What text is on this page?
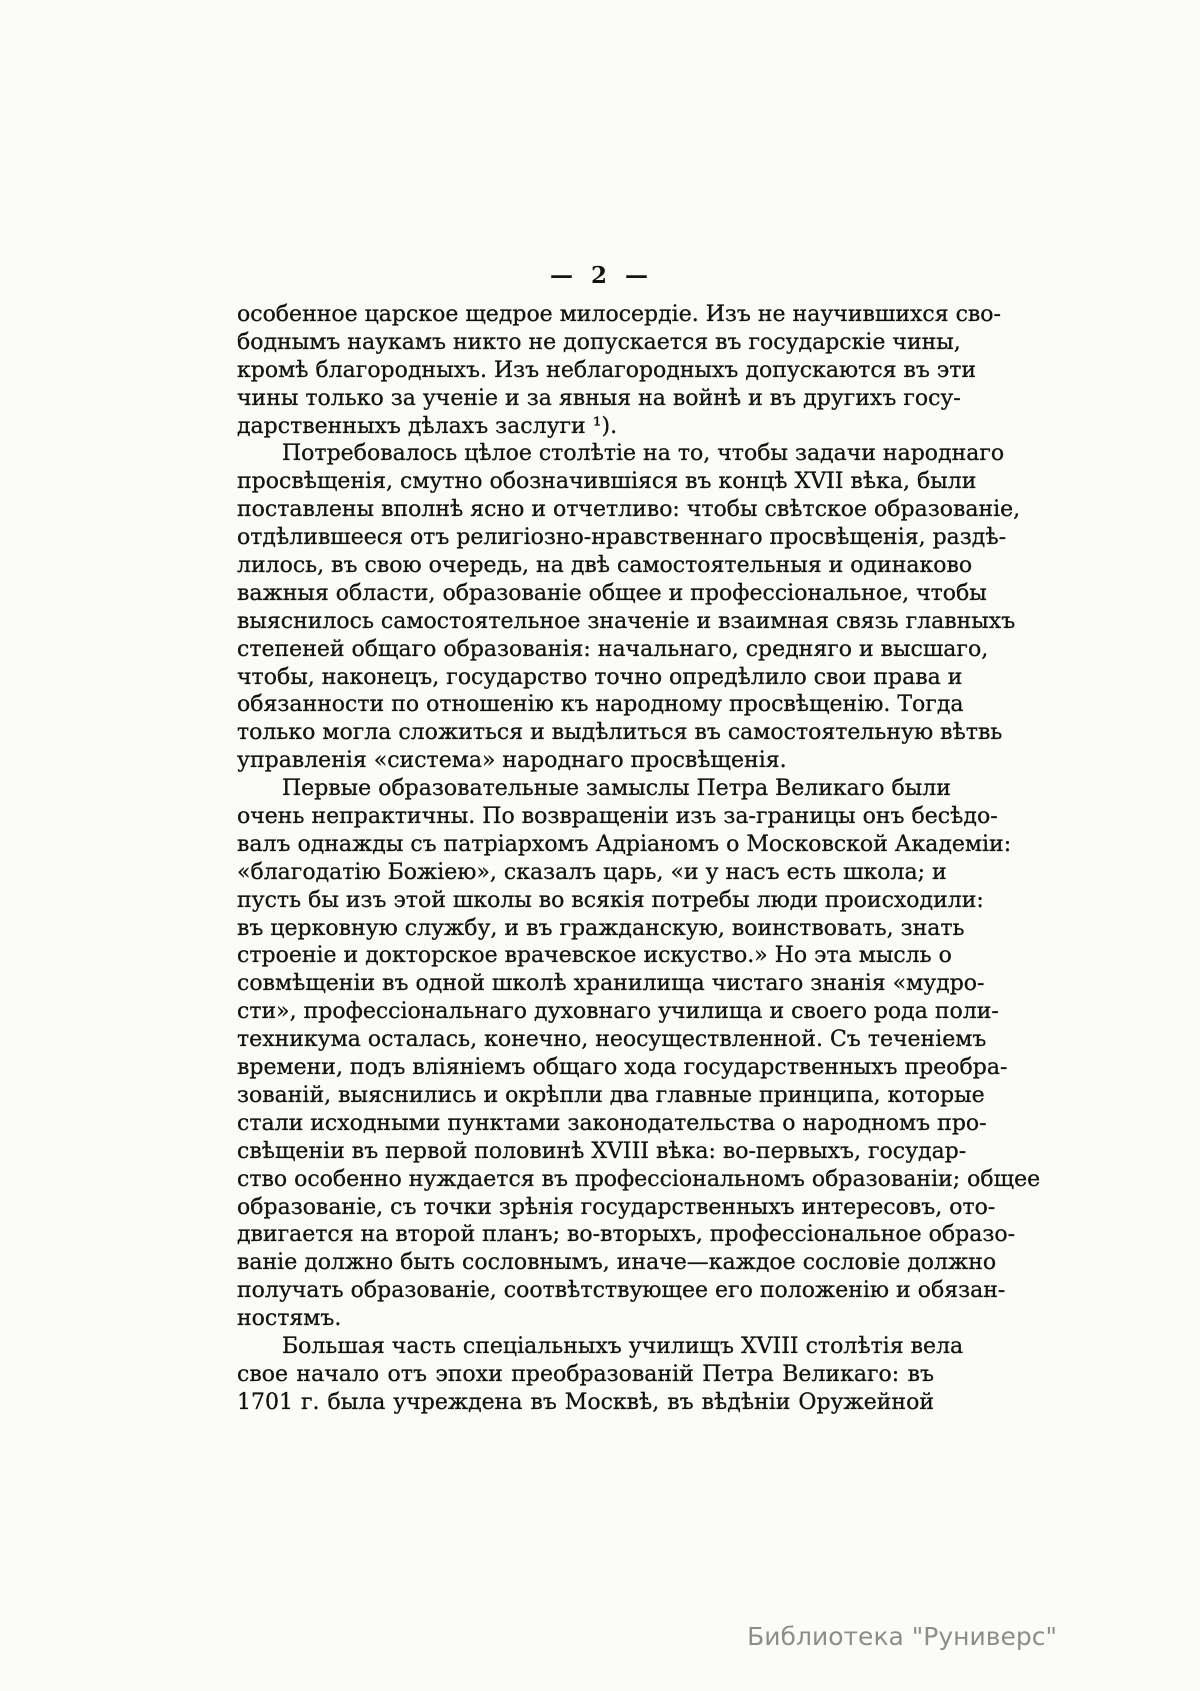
— 2 —

особенное царское щедрое милосердіе. Изъ не научившихся сво-
боднымъ наукамъ никто не допускается въ государскіе чины,
кромѣ благородныхъ. Изъ неблагородныхъ допускаются въ эти
чины только за ученіе и за явныя на войнѣ и въ другихъ госу-
дарственныхъ дѣлахъ заслуги ¹).

Потребовалось цѣлое столѣтіе на то, чтобы задачи народнаго
просвѣщенія, смутно обозначившіяся въ концѣ XVII вѣка, были
поставлены вполнѣ ясно и отчетливо: чтобы свѣтское образованіе,
отдѣлившееся отъ религіозно-нравственнаго просвѣщенія, раздѣ-
лилось, въ свою очередь, на двѣ самостоятельныя и одинаково
важныя области, образованіе общее и профессіональное, чтобы
выяснилось самостоятельное значеніе и взаимная связь главныхъ
степеней общаго образованія: начальнаго, средняго и высшаго,
чтобы, наконецъ, государство точно опредѣлило свои права и
обязанности по отношенію къ народному просвѣщенію. Тогда
только могла сложиться и выдѣлиться въ самостоятельную вѣтвь
управленія «система» народнаго просвѣщенія.

Первые образовательные замыслы Петра Великаго были
очень непрактичны. По возвращеніи изъ за-границы онъ бесѣдо-
валъ однажды съ патріархомъ Адріаномъ о Московской Академіи:
«благодатію Божіею», сказалъ царь, «и у насъ есть школа; и
пусть бы изъ этой школы во всякія потребы люди происходили:
въ церковную службу, и въ гражданскую, воинствовать, знать
строеніе и докторское врачевское искуство.» Но эта мысль о
совмѣщеніи въ одной школѣ хранилища чистаго знанія «мудро-
сти», профессіональнаго духовнаго училища и своего рода поли-
техникума осталась, конечно, неосуществленной. Съ теченіемъ
времени, подъ вліяніемъ общаго хода государственныхъ преобра-
зованій, выяснились и окрѣпли два главные принципа, которые
стали исходными пунктами законодательства о народномъ про-
свѣщеніи въ первой половинѣ XVIII вѣка: во-первыхъ, государ-
ство особенно нуждается въ профессіональномъ образованіи; общее
образованіе, съ точки зрѣнія государственныхъ интересовъ, ото-
двигается на второй планъ; во-вторыхъ, профессіональное образо-
ваніе должно быть сословнымъ, иначе—каждое сословіе должно
получать образованіе, соотвѣтствующее его положенію и обязан-
ностямъ.

Большая часть спеціальныхъ училищъ XVIII столѣтія вела
свое начало отъ эпохи преобразованій Петра Великаго: въ
1701 г. была учреждена въ Москвѣ, въ вѣдѣніи Оружейной

Библиотека "Руниверс"
